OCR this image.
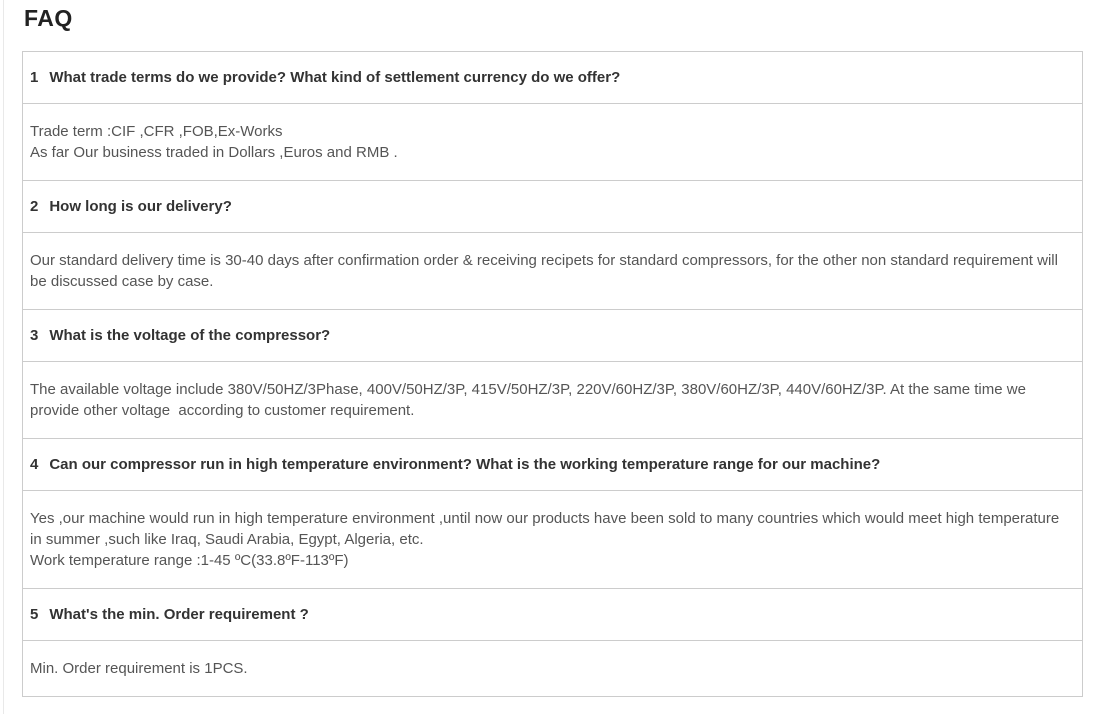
FAQ
1 What trade terms do we provide? What kind of settlement currency do we offer?
Trade term :CIF ,CFR ,FOB,Ex-Works
As far Our business traded in Dollars ,Euros and RMB .
2 How long is our delivery?
Our standard delivery time is 30-40 days after confirmation order & receiving recipets for standard compressors, for the other non standard requirement will be discussed case by case.
3 What is the voltage of the compressor?
The available voltage include 380V/50HZ/3Phase, 400V/50HZ/3P, 415V/50HZ/3P, 220V/60HZ/3P, 380V/60HZ/3P, 440V/60HZ/3P. At the same time we provide other voltage  according to customer requirement.
4 Can our compressor run in high temperature environment? What is the working temperature range for our machine?
Yes ,our machine would run in high temperature environment ,until now our products have been sold to many countries which would meet high temperature in summer ,such like Iraq, Saudi Arabia, Egypt, Algeria, etc.
Work temperature range :1-45 ºC(33.8ºF-113ºF)
5 What's the min. Order requirement ?
Min. Order requirement is 1PCS.
